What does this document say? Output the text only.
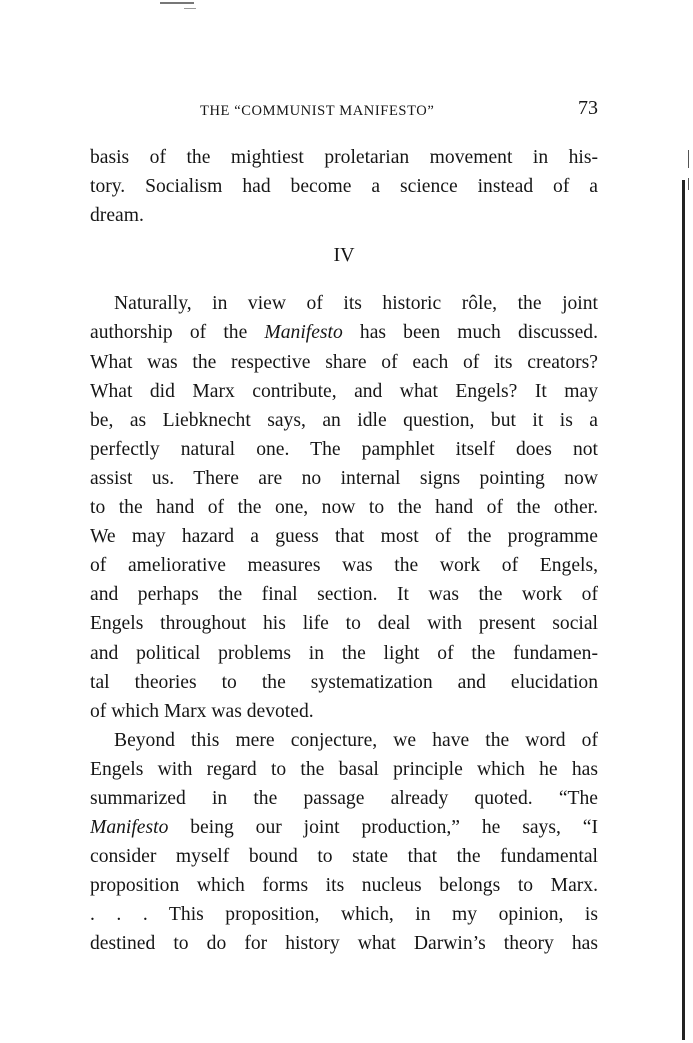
THE “COMMUNIST MANIFESTO”	73
basis of the mightiest proletarian movement in his-
tory. Socialism had become a science instead of a
dream.
IV
Naturally, in view of its historic rôle, the joint
authorship of the Manifesto has been much discussed.
What was the respective share of each of its creators?
What did Marx contribute, and what Engels? It may
be, as Liebknecht says, an idle question, but it is a
perfectly natural one. The pamphlet itself does not
assist us. There are no internal signs pointing now
to the hand of the one, now to the hand of the other.
We may hazard a guess that most of the programme
of ameliorative measures was the work of Engels,
and perhaps the final section. It was the work of
Engels throughout his life to deal with present social
and political problems in the light of the fundamen-
tal theories to the systematization and elucidation
of which Marx was devoted.
Beyond this mere conjecture, we have the word of
Engels with regard to the basal principle which he has
summarized in the passage already quoted. “The
Manifesto being our joint production,” he says, “I
consider myself bound to state that the fundamental
proposition which forms its nucleus belongs to Marx.
. . . This proposition, which, in my opinion, is
destined to do for history what Darwin’s theory has
